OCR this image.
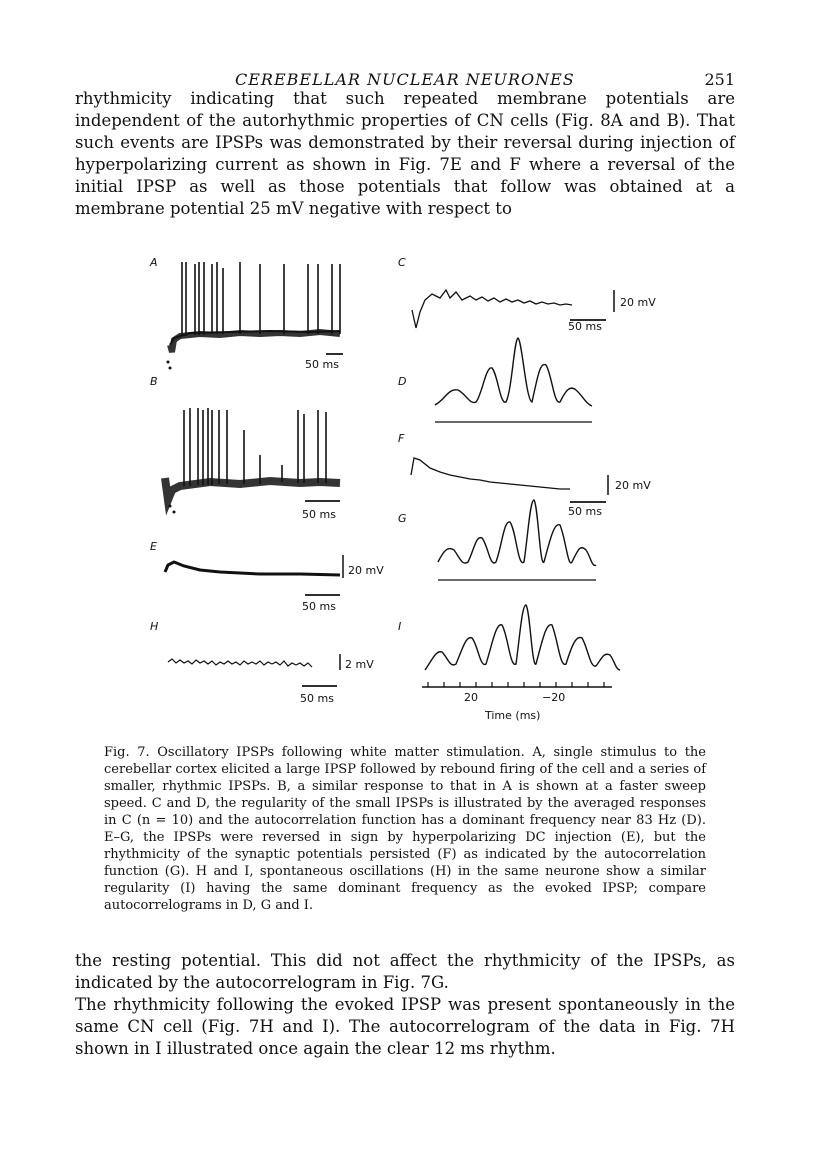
CEREBELLAR NUCLEAR NEURONES	251

rhythmicity indicating that such repeated membrane potentials are independent of the autorhythmic properties of CN cells (Fig. 8A and B). That such events are IPSPs was demonstrated by their reversal during injection of hyperpolarizing current as shown in Fig. 7E and F where a reversal of the initial IPSP as well as those potentials that follow was obtained at a membrane potential 25 mV negative with respect to

A
B
E
H
C
D
F
G
I
50 ms
50 ms
20 mV
50 ms
2 mV
50 ms
20 mV
50 ms
20 mV
50 ms
20	−20
Time (ms)

Fig. 7. Oscillatory IPSPs following white matter stimulation. A, single stimulus to the cerebellar cortex elicited a large IPSP followed by rebound firing of the cell and a series of smaller, rhythmic IPSPs. B, a similar response to that in A is shown at a faster sweep speed. C and D, the regularity of the small IPSPs is illustrated by the averaged responses in C (n = 10) and the autocorrelation function has a dominant frequency near 83 Hz (D). E–G, the IPSPs were reversed in sign by hyperpolarizing DC injection (E), but the rhythmicity of the synaptic potentials persisted (F) as indicated by the autocorrelation function (G). H and I, spontaneous oscillations (H) in the same neurone show a similar regularity (I) having the same dominant frequency as the evoked IPSP; compare autocorrelograms in D, G and I.

the resting potential. This did not affect the rhythmicity of the IPSPs, as indicated by the autocorrelogram in Fig. 7G.

The rhythmicity following the evoked IPSP was present spontaneously in the same CN cell (Fig. 7H and I). The autocorrelogram of the data in Fig. 7H shown in I illustrated once again the clear 12 ms rhythm.
